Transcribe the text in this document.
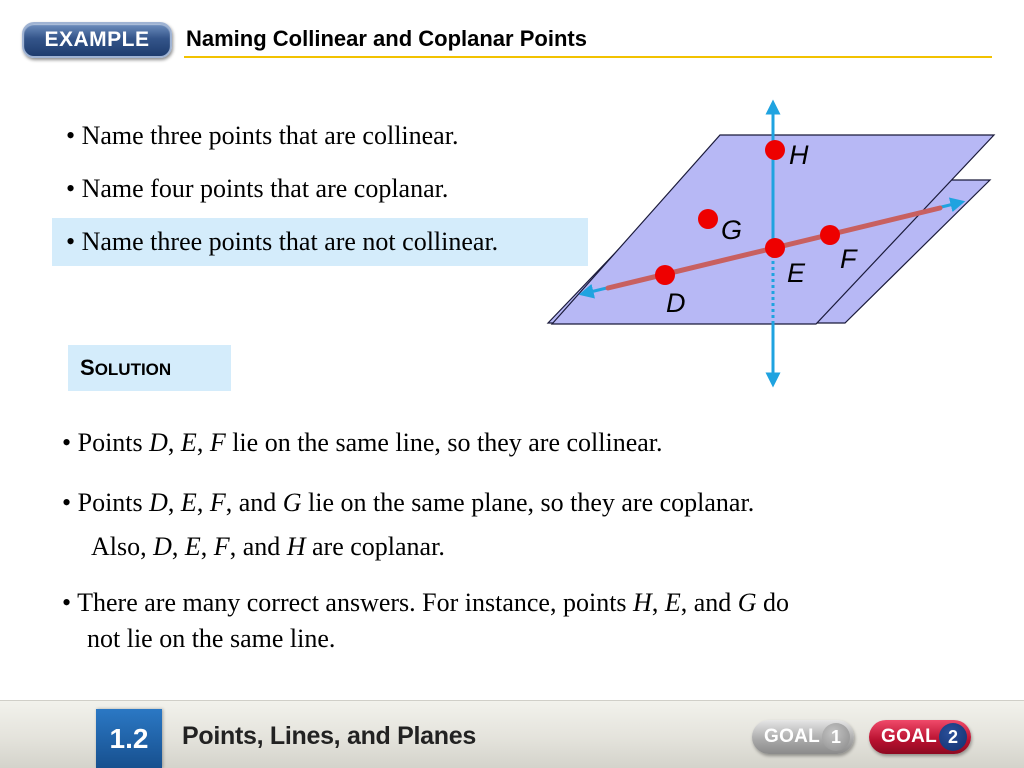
EXAMPLE	Naming Collinear and Coplanar Points
• Name three points that are collinear.
• Name four points that are coplanar.
• Name three points that are not collinear.
H
G
E F
D
SOLUTION
• Points D, E, F lie on the same line, so they are collinear.
• Points D, E, F, and G lie on the same plane, so they are coplanar.
Also, D, E, F, and H are coplanar.
• There are many correct answers. For instance, points H, E, and G do
not lie on the same line.
1.2	Points, Lines, and Planes	GOAL 1	GOAL 2
